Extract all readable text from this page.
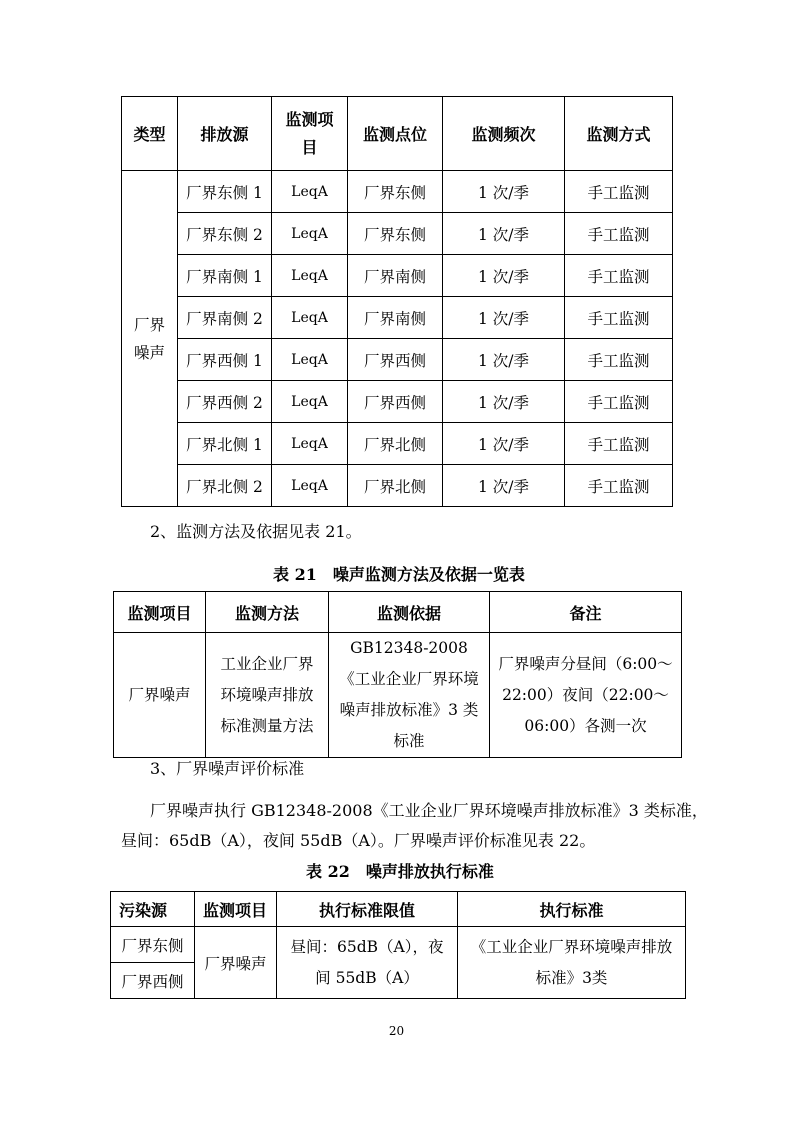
类型	排放源	监测项目	监测点位	监测频次	监测方式
厂界噪声	厂界东侧 1	LeqA	厂界东侧	1 次/季	手工监测
	厂界东侧 2	LeqA	厂界东侧	1 次/季	手工监测
	厂界南侧 1	LeqA	厂界南侧	1 次/季	手工监测
	厂界南侧 2	LeqA	厂界南侧	1 次/季	手工监测
	厂界西侧 1	LeqA	厂界西侧	1 次/季	手工监测
	厂界西侧 2	LeqA	厂界西侧	1 次/季	手工监测
	厂界北侧 1	LeqA	厂界北侧	1 次/季	手工监测
	厂界北侧 2	LeqA	厂界北侧	1 次/季	手工监测
2、监测方法及依据见表 21。
表 21　噪声监测方法及依据一览表
监测项目	监测方法	监测依据	备注
厂界噪声	工业企业厂界环境噪声排放标准测量方法	GB12348-2008《工业企业厂界环境噪声排放标准》3 类标准	厂界噪声分昼间（6:00～22:00）夜间（22:00～06:00）各测一次
3、厂界噪声评价标准
厂界噪声执行 GB12348-2008《工业企业厂界环境噪声排放标准》3 类标准，
昼间：65dB（A），夜间 55dB（A）。厂界噪声评价标准见表 22。
表 22　噪声排放执行标准
污染源	监测项目	执行标准限值	执行标准
厂界东侧	厂界噪声	昼间：65dB（A），夜间 55dB（A）	《工业企业厂界环境噪声排放标准》3类
厂界西侧			
20
